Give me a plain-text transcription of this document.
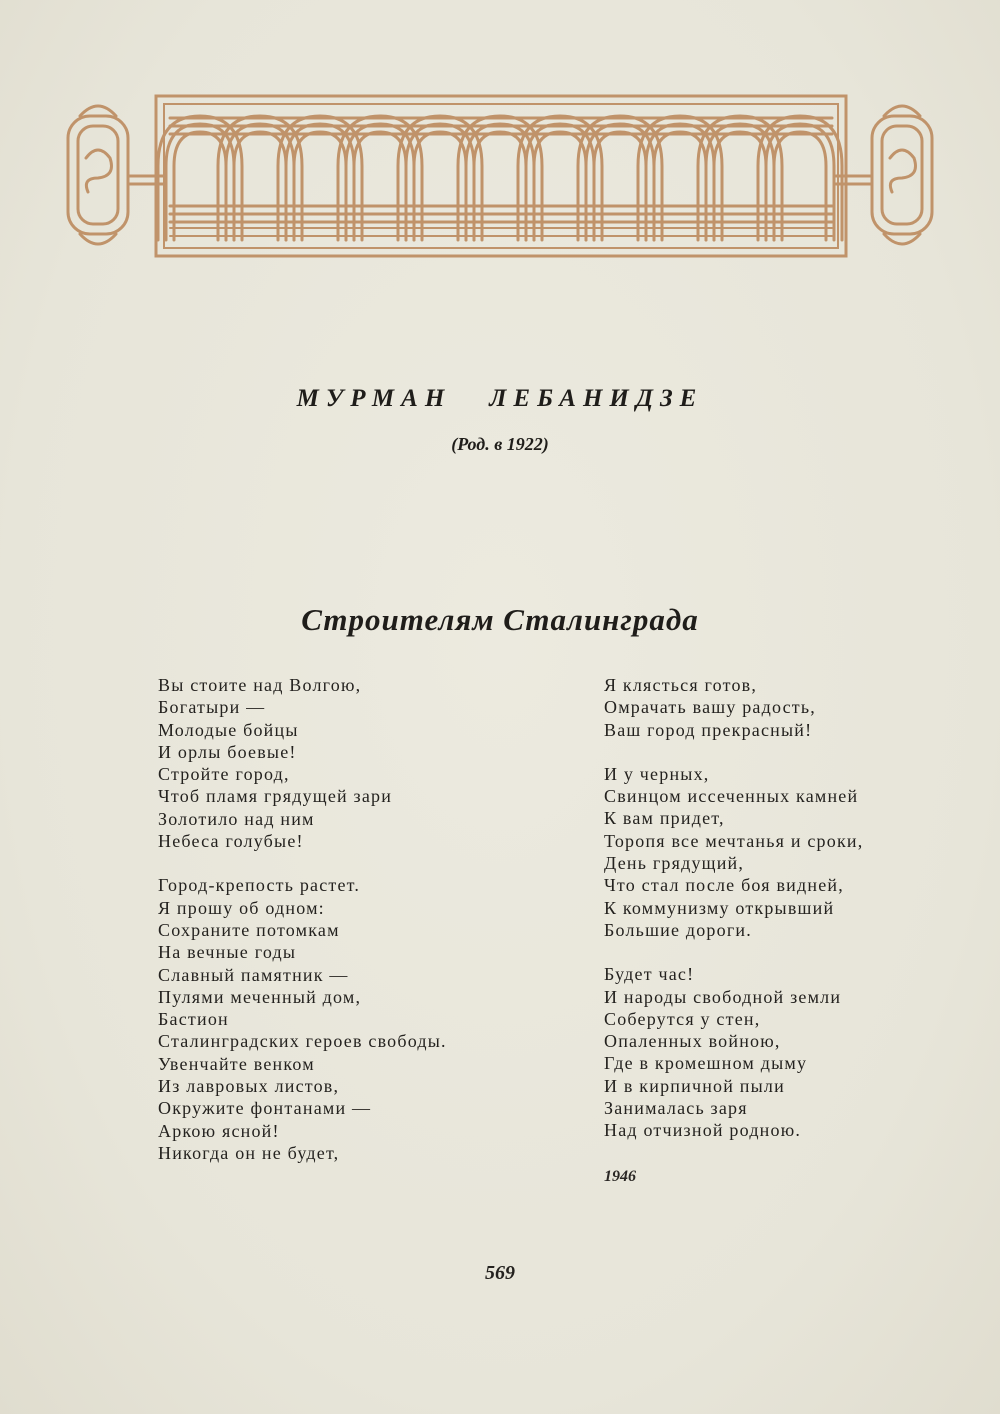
МУРМАН ЛЕБАНИДЗЕ
(Род. в 1922)
Строителям Сталинграда
Вы стоите над Волгою,
Богатыри —
Молодые бойцы
И орлы боевые!
Стройте город,
Чтоб пламя грядущей зари
Золотило над ним
Небеса голубые!
Город-крепость растет.
Я прошу об одном:
Сохраните потомкам
На вечные годы
Славный памятник —
Пулями меченный дом,
Бастион
Сталинградских героев свободы.
Увенчайте венком
Из лавровых листов,
Окружите фонтанами —
Аркою ясной!
Никогда он не будет,
Я клясться готов,
Омрачать вашу радость,
Ваш город прекрасный!
И у черных,
Свинцом иссеченных камней
К вам придет,
Торопя все мечтанья и сроки,
День грядущий,
Что стал после боя видней,
К коммунизму открывший
Большие дороги.
Будет час!
И народы свободной земли
Соберутся у стен,
Опаленных войною,
Где в кромешном дыму
И в кирпичной пыли
Занималась заря
Над отчизной родною.
1946
569
